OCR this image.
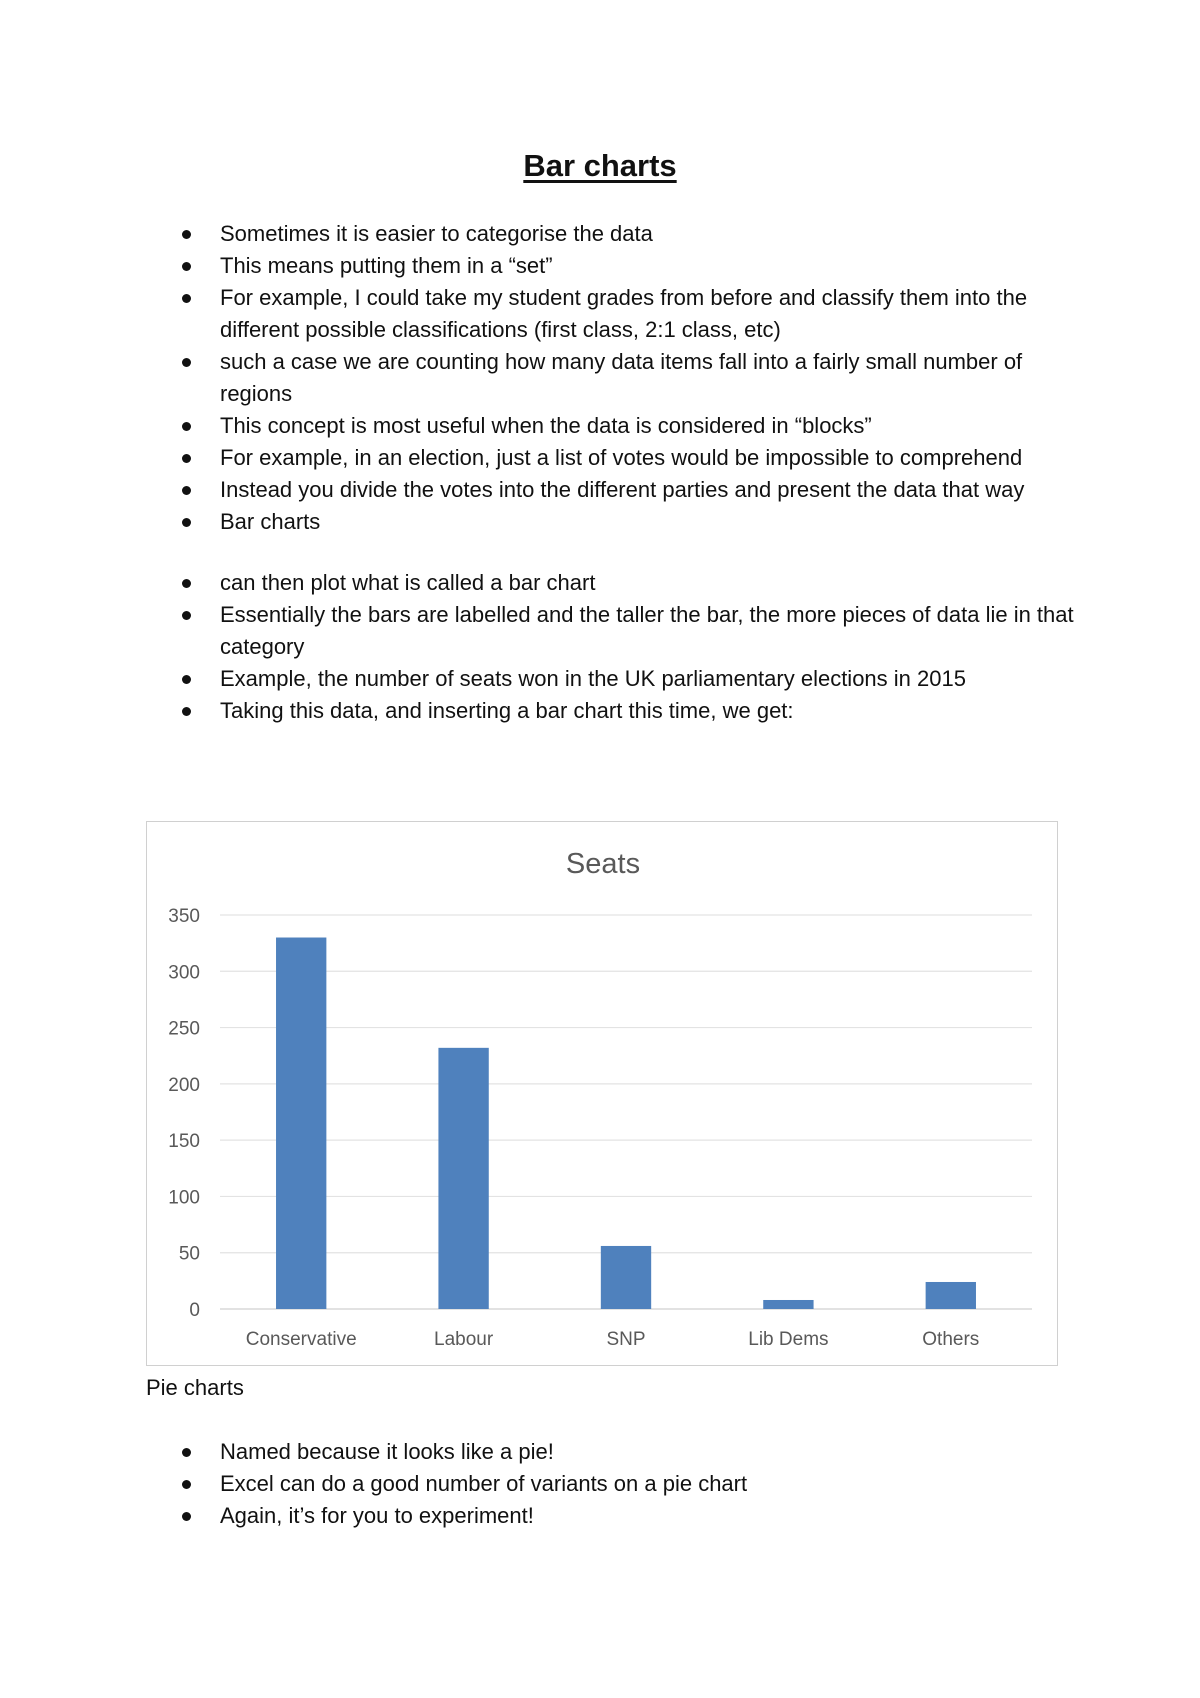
Bar charts
Sometimes it is easier to categorise the data
This means putting them in a “set”
For example, I could take my student grades from before and classify them into the different possible classifications (first class, 2:1 class, etc)
such a case we are counting how many data items fall into a fairly small number of regions
This concept is most useful when the data is considered in “blocks”
For example, in an election, just a list of votes would be impossible to comprehend
Instead you divide the votes into the different parties and present the data that way
Bar charts
can then plot what is called a bar chart
Essentially the bars are labelled and the taller the bar, the more pieces of data lie in that category
Example, the number of seats won in the UK parliamentary elections in 2015
Taking this data, and inserting a bar chart this time, we get:
Seats
0
50
100
150
200
250
300
350
Conservative	Labour	SNP	Lib Dems	Others

Pie charts

Named because it looks like a pie!
Excel can do a good number of variants on a pie chart
Again, it’s for you to experiment!
